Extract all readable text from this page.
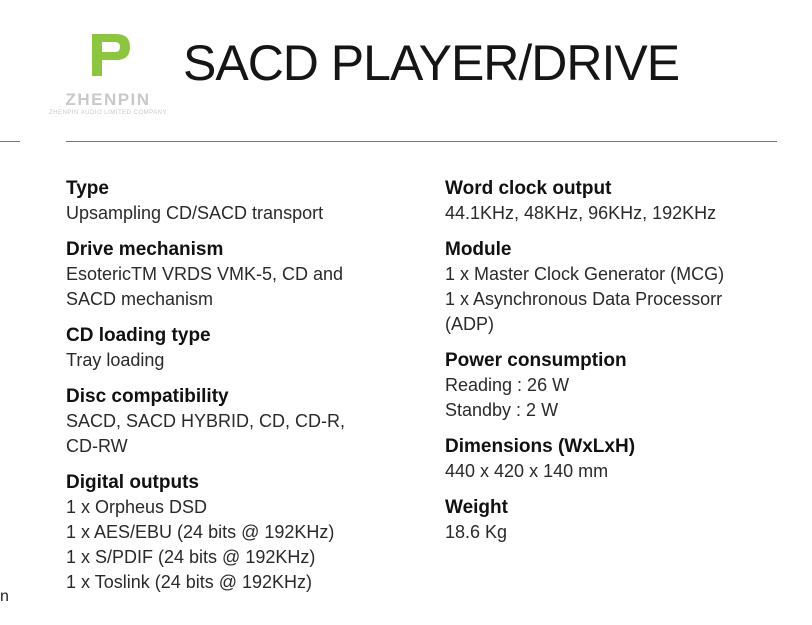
ZHENPIN
ZHENPIN AUDIO LIMITED COMPANY
SACD PLAYER/DRIVE
n
Type
Upsampling CD/SACD transport
Drive mechanism
EsotericTM VRDS VMK-5, CD and
SACD mechanism
CD loading type
Tray loading
Disc compatibility
SACD, SACD HYBRID, CD, CD-R,
CD-RW
Digital outputs
1 x Orpheus DSD
1 x AES/EBU (24 bits @ 192KHz)
1 x S/PDIF (24 bits @ 192KHz)
1 x Toslink (24 bits @ 192KHz)
Word clock output
44.1KHz, 48KHz, 96KHz, 192KHz
Module
1 x Master Clock Generator (MCG)
1 x Asynchronous Data Processorr
(ADP)
Power consumption
Reading : 26 W
Standby : 2 W
Dimensions (WxLxH)
440 x 420 x 140 mm
Weight
18.6 Kg
